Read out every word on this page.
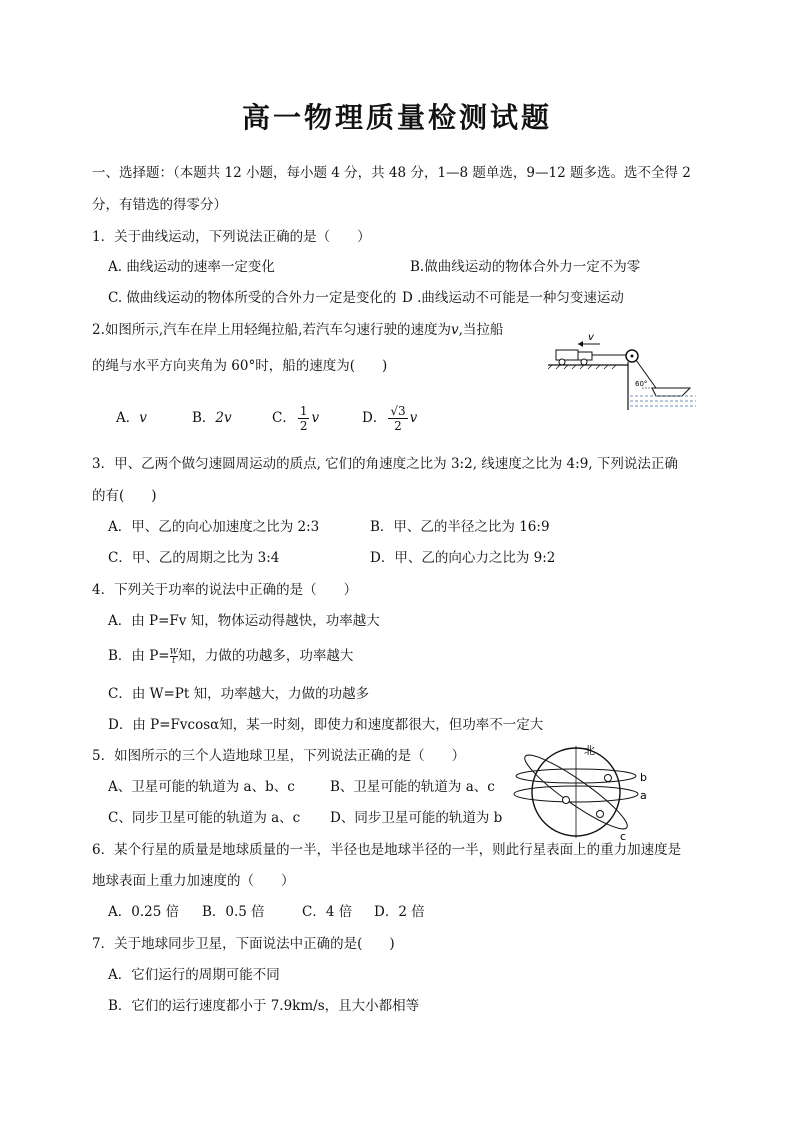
高一物理质量检测试题
一、选择题：（本题共 12 小题，每小题 4 分，共 48 分，1—8 题单选，9—12 题多选。选不全得 2
分，有错选的得零分）
1．关于曲线运动，下列说法正确的是（　　）
A. 曲线运动的速率一定变化	B.做曲线运动的物体合外力一定不为零
C. 做曲线运动的物体所受的合外力一定是变化的 D .曲线运动不可能是一种匀变速运动
2.如图所示,汽车在岸上用轻绳拉船,若汽车匀速行驶的速度为v,当拉船
的绳与水平方向夹角为 60°时，船的速度为(　　)
v
60°
A．v	B．2v	C． $\frac{1}{2}$ v	D． $\frac{√3}{2}$ v
3．甲、乙两个做匀速圆周运动的质点, 它们的角速度之比为 3:2, 线速度之比为 4:9, 下列说法正确
的有(　　)
A．甲、乙的向心加速度之比为 2:3	B．甲、乙的半径之比为 16:9
C．甲、乙的周期之比为 3:4	D．甲、乙的向心力之比为 9:2
4．下列关于功率的说法中正确的是（　　）
A．由 P=Fv 知，物体运动得越快，功率越大
B．由 $P= \frac{W}{t}$ 知，力做的功越多，功率越大
C．由 W=Pt 知，功率越大，力做的功越多
D．由 P=Fvcosα知，某一时刻，即使力和速度都很大，但功率不一定大
5．如图所示的三个人造地球卫星，下列说法正确的是（　　）
A、卫星可能的轨道为 a、b、c	B、卫星可能的轨道为 a、c
C、同步卫星可能的轨道为 a、c D、同步卫星可能的轨道为 b
北
b
a
c
6．某个行星的质量是地球质量的一半，半径也是地球半径的一半，则此行星表面上的重力加速度是
地球表面上重力加速度的（　　）
A．0.25 倍 B．0.5 倍	C．4 倍 D．2 倍
7．关于地球同步卫星，下面说法中正确的是(　　)
A．它们运行的周期可能不同
B．它们的运行速度都小于 7.9km/s，且大小都相等
